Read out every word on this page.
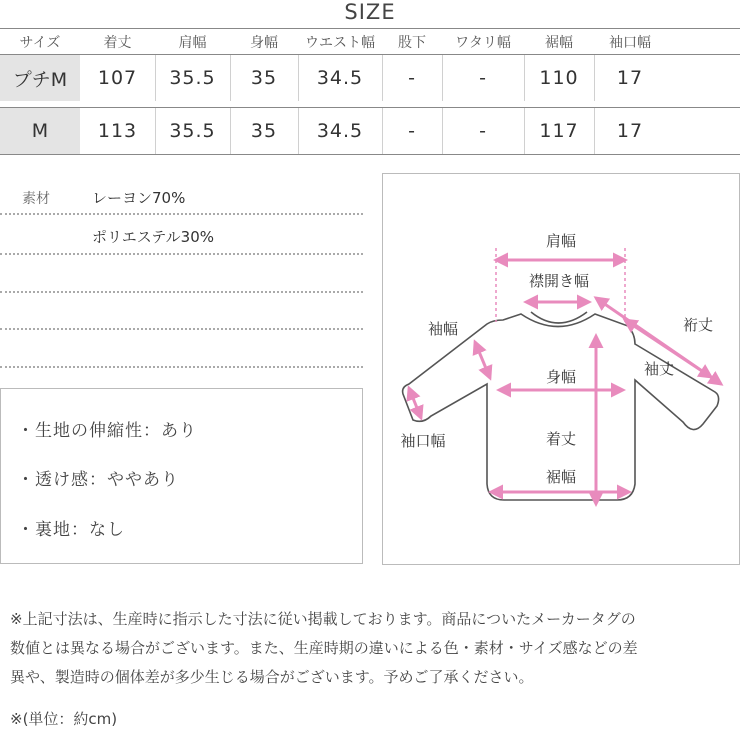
SIZE
サイズ	着丈	肩幅	身幅	ウエスト幅	股下	ワタリ幅	裾幅	袖口幅
プチM	107	35.5	35	34.5	-	-	110	17
M	113	35.5	35	34.5	-	-	117	17
素材	レーヨン70%
ポリエステル30%
・生地の伸縮性：あり
・透け感：ややあり
・裏地：なし
肩幅
襟開き幅
袖幅	裄丈
袖丈
身幅
袖口幅	着丈
裾幅
※上記寸法は、生産時に指示した寸法に従い掲載しております。商品についたメーカータグの
数値とは異なる場合がございます。また、生産時期の違いによる色・素材・サイズ感などの差
異や、製造時の個体差が多少生じる場合がございます。予めご了承ください。
※(単位：約cm)
